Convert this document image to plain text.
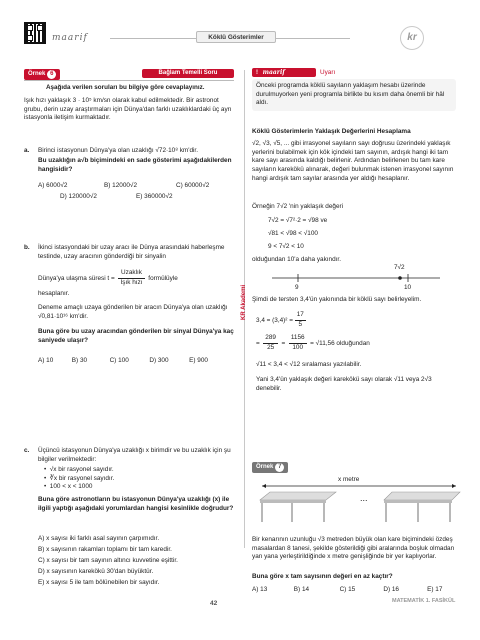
maarif	Köklü Gösterimler	kr
Örnek 6	Bağlam Temelli Soru
Aşağıda verilen soruları bu bilgiye göre cevaplayınız.
Işık hızı yaklaşık 3 · 10⁵ km/sn olarak kabul edilmektedir. Bir astronot grubu, derin uzay araştırmaları için Dünya'dan farklı uzaklıklardaki üç ayrı istasyonla iletişim kurmaktadır.
a. Birinci istasyonun Dünya'ya olan uzaklığı √72·10⁸ km'dir.
Bu uzaklığın a√b biçimindeki en sade gösterimi aşağıdakilerden hangisidir?
A) 6000√2	B) 12000√2	C) 60000√2
D) 120000√2	E) 360000√2
b. İkinci istasyondaki bir uzay aracı ile Dünya arasındaki haberleşme testinde, uzay aracının gönderdiği bir sinyalin
Dünya'ya ulaşma süresi t =
Uzaklık
Işık hızı
formülüyle
hesaplanır.
Deneme amaçlı uzaya gönderilen bir aracın Dünya'ya olan uzaklığı √0,81·10¹⁶ km'dir.
Buna göre bu uzay aracından gönderilen bir sinyal Dünya'ya kaç saniyede ulaşır?
A) 10	B) 30	C) 100	D) 300	E) 900
c. Üçüncü istasyonun Dünya'ya uzaklığı x birimdir ve bu uzaklık için şu bilgiler verilmektedir:
•  √x bir rasyonel sayıdır.
•  ∛x bir rasyonel sayıdır.
•  100 < x < 1000
Buna göre astronotların bu istasyonun Dünya'ya uzaklığı (x) ile ilgili yaptığı aşağıdaki yorumlardan hangisi kesinlikle doğrudur?
A) x sayısı iki farklı asal sayının çarpımıdır.
B) x sayısının rakamları toplamı bir tam karedir.
C) x sayısı bir tam sayının altıncı kuvvetine eşittir.
D) x sayısının karekökü 30'dan büyüktür.
E) x sayısı 5 ile tam bölünebilen bir sayıdır.
KR Akademi
! maarif	Uyarı
Önceki programda köklü sayıların yaklaşım hesabı üzerinde durulmuyorken yeni programla birlikte bu kısım daha önemli bir hâl aldı.
Köklü Gösterimlerin Yaklaşık Değerlerini Hesaplama
√2, √3, √5, ... gibi irrasyonel sayıların sayı doğrusu üzerindeki yaklaşık yerlerini bulabilmek için kök içindeki tam sayının, ardışık hangi iki tam kare sayı arasında kaldığı belirlenir. Ardından belirlenen bu tam kare sayıların karekökü alınarak, değeri bulunmak istenen irrasyonel sayının hangi ardışık tam sayılar arasında yer aldığı hesaplanır.
Örneğin 7√2 'nin yaklaşık değeri
7√2 = √7²·2 = √98 ve
√81 < √98 < √100
9 < 7√2 < 10
olduğundan 10'a daha yakındır.
9	10
7√2
Şimdi de tersten 3,4'ün yakınında bir köklü sayı belirleyelim.
$3,4 = (3,4)^2 = \frac{17}{5}$
= $\frac{289}{25} = \frac{1156}{100} = √11,56$ olduğundan
√11 < 3,4 < √12 sıralaması yazılabilir.
Yani 3,4'ün yaklaşık değeri karekökü sayı olarak √11 veya 2√3 denebilir.
Örnek 7
x metre
...
Bir kenarının uzunluğu √3 metreden büyük olan kare biçimindeki özdeş masalardan 8 tanesi, şekilde gösterildiği gibi aralarında boşluk olmadan yan yana yerleştirildiğinde x metre genişliğinde bir yer kaplıyorlar.
Buna göre x tam sayısının değeri en az kaçtır?
A) 13	B) 14	C) 15	D) 16	E) 17
42	MATEMATİK 1. FASİKÜL
